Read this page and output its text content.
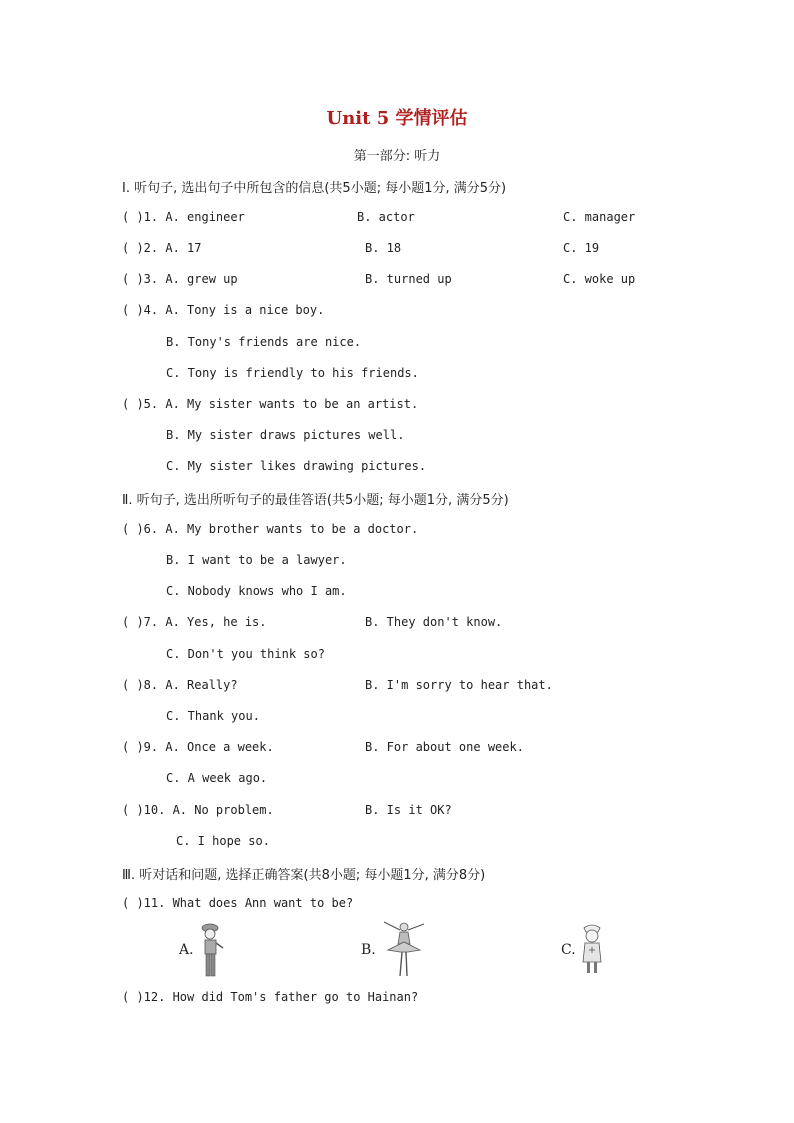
Unit 5 学情评估
第一部分: 听力
Ⅰ. 听句子, 选出句子中所包含的信息(共5小题; 每小题1分, 满分5分)
( )1. A. engineer	B. actor	C. manager
( )2. A. 17	B. 18	C. 19
( )3. A. grew up	B. turned up	C. woke up
( )4. A. Tony is a nice boy.
B. Tony's friends are nice.
C. Tony is friendly to his friends.
( )5. A. My sister wants to be an artist.
B. My sister draws pictures well.
C. My sister likes drawing pictures.
Ⅱ. 听句子, 选出所听句子的最佳答语(共5小题; 每小题1分, 满分5分)
( )6. A. My brother wants to be a doctor.
B. I want to be a lawyer.
C. Nobody knows who I am.
( )7. A. Yes, he is.	B. They don't know.
C. Don't you think so?
( )8. A. Really?	B. I'm sorry to hear that.
C. Thank you.
( )9. A. Once a week.	B. For about one week.
C. A week ago.
( )10. A. No problem.	B. Is it OK?
C. I hope so.
Ⅲ. 听对话和问题, 选择正确答案(共8小题; 每小题1分, 满分8分)
( )11. What does Ann want to be?
A.	B.	C.
( )12. How did Tom's father go to Hainan?
